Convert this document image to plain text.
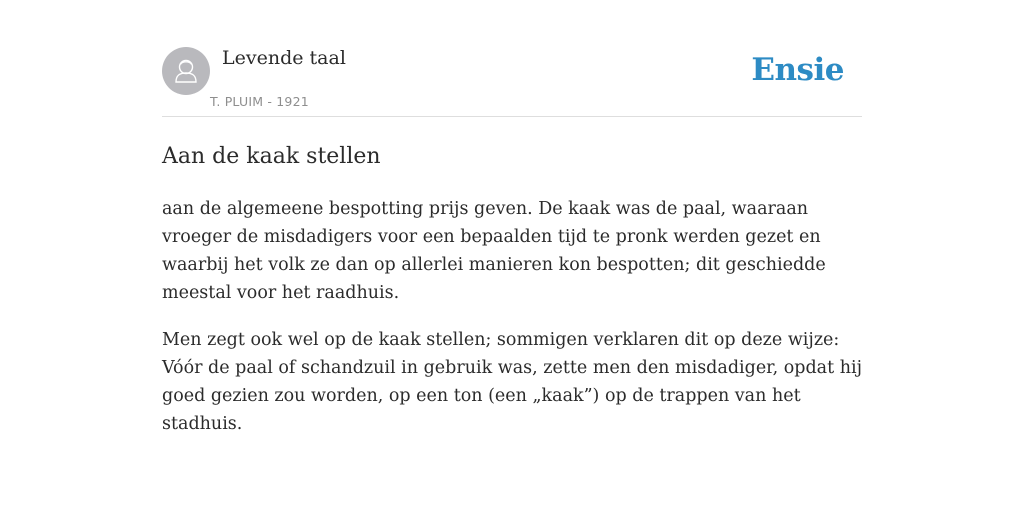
Levende taal
T. PLUIM - 1921
Ensie
Aan de kaak stellen

aan de algemeene bespotting prijs geven. De kaak was de paal, waaraan vroeger de misdadigers voor een bepaalden tijd te pronk werden gezet en waarbij het volk ze dan op allerlei manieren kon bespotten; dit geschiedde meestal voor het raadhuis.

Men zegt ook wel op de kaak stellen; sommigen verklaren dit op deze wijze: Vóór de paal of schandzuil in gebruik was, zette men den misdadiger, opdat hij goed gezien zou worden, op een ton (een „kaak”) op de trappen van het stadhuis.
